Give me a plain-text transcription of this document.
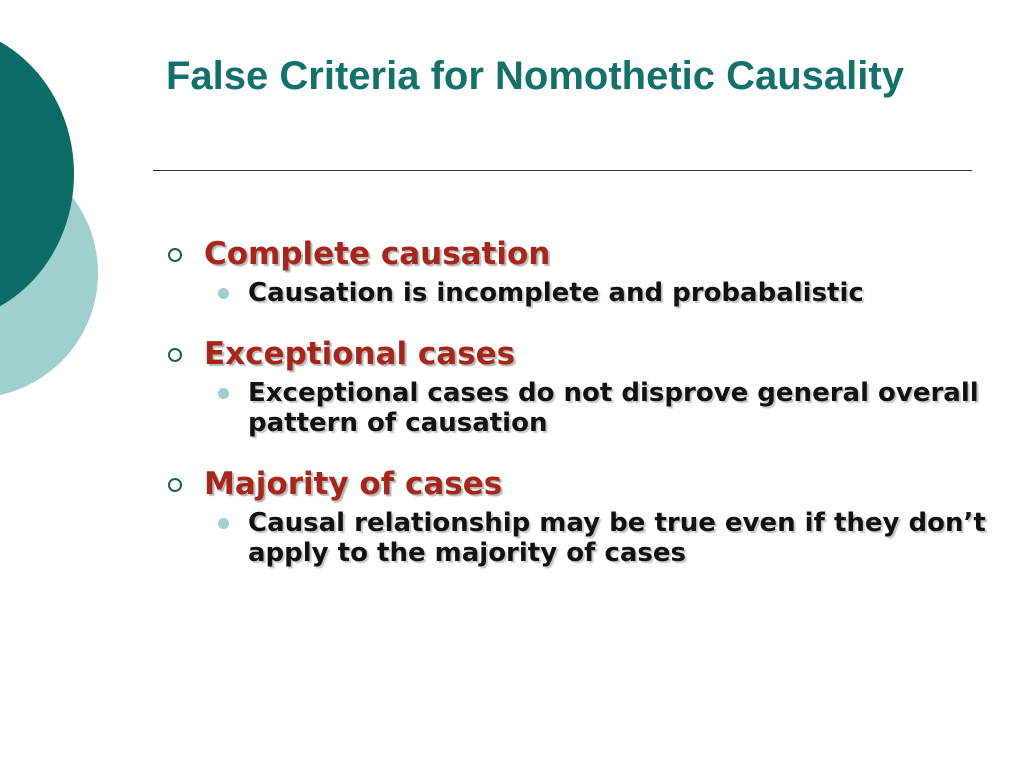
False Criteria for Nomothetic Causality
Complete causation
Causation is incomplete and probabalistic
Exceptional cases
Exceptional cases do not disprove general overall pattern of causation
Majority of cases
Causal relationship may be true even if they don’t apply to the majority of cases
